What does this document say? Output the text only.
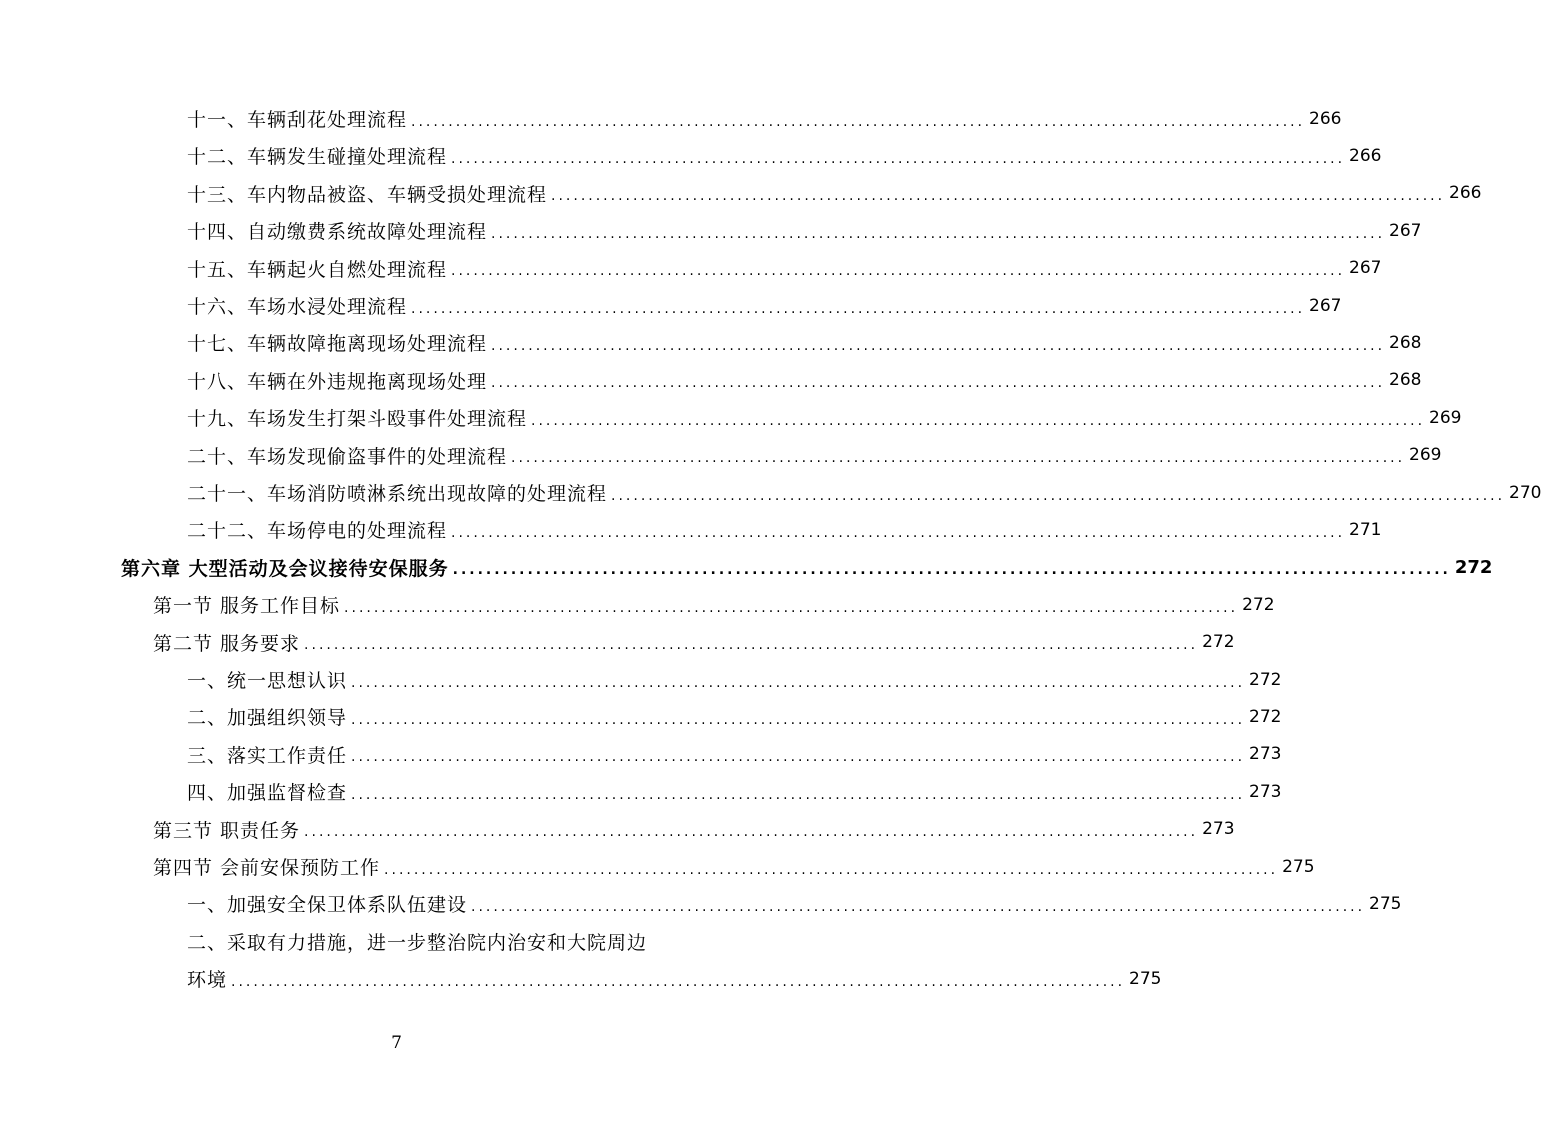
十一、车辆刮花处理流程 ........................................................................................................................ 266
十二、车辆发生碰撞处理流程 ........................................................................................................................ 266
十三、车内物品被盗、车辆受损处理流程 ........................................................................................................................ 266
十四、自动缴费系统故障处理流程 ........................................................................................................................ 267
十五、车辆起火自燃处理流程 ........................................................................................................................ 267
十六、车场水浸处理流程 ........................................................................................................................ 267
十七、车辆故障拖离现场处理流程 ........................................................................................................................ 268
十八、车辆在外违规拖离现场处理 ........................................................................................................................ 268
十九、车场发生打架斗殴事件处理流程 ........................................................................................................................ 269
二十、车场发现偷盗事件的处理流程 ........................................................................................................................ 269
二十一、车场消防喷淋系统出现故障的处理流程 ........................................................................................................................ 270
二十二、车场停电的处理流程 ........................................................................................................................ 271
第六章 大型活动及会议接待安保服务 ........................................................................................................................ 272
第一节 服务工作目标 ........................................................................................................................ 272
第二节 服务要求 ........................................................................................................................ 272
一、统一思想认识 ........................................................................................................................ 272
二、加强组织领导 ........................................................................................................................ 272
三、落实工作责任 ........................................................................................................................ 273
四、加强监督检查 ........................................................................................................................ 273
第三节 职责任务 ........................................................................................................................ 273
第四节 会前安保预防工作 ........................................................................................................................ 275
一、加强安全保卫体系队伍建设 ........................................................................................................................ 275
二、采取有力措施，进一步整治院内治安和大院周边
环境 ........................................................................................................................ 275
7
